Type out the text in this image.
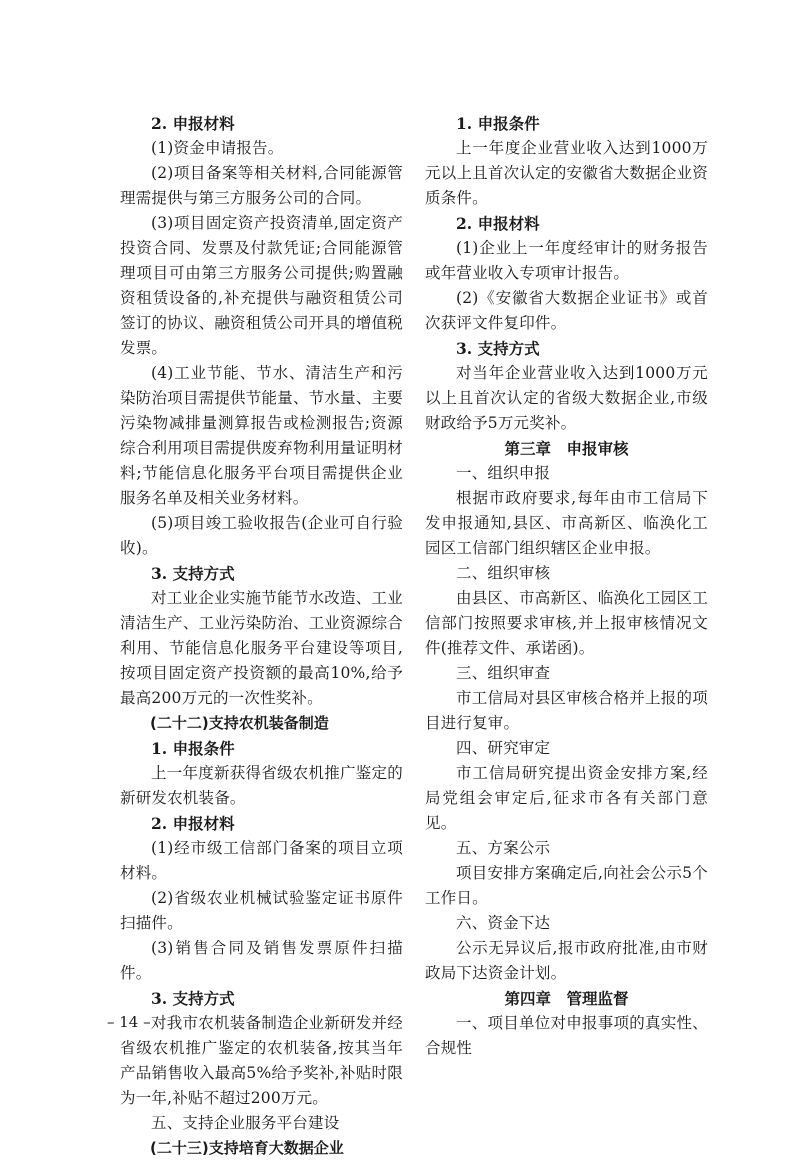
2. 申报材料

(1)资金申请报告。

(2)项目备案等相关材料,合同能源管理需提供与第三方服务公司的合同。

(3)项目固定资产投资清单,固定资产投资合同、发票及付款凭证;合同能源管理项目可由第三方服务公司提供;购置融资租赁设备的,补充提供与融资租赁公司签订的协议、融资租赁公司开具的增值税发票。

(4)工业节能、节水、清洁生产和污染防治项目需提供节能量、节水量、主要污染物减排量测算报告或检测报告;资源综合利用项目需提供废弃物利用量证明材料;节能信息化服务平台项目需提供企业服务名单及相关业务材料。

(5)项目竣工验收报告(企业可自行验收)。

3. 支持方式

对工业企业实施节能节水改造、工业清洁生产、工业污染防治、工业资源综合利用、节能信息化服务平台建设等项目,按项目固定资产投资额的最高10%,给予最高200万元的一次性奖补。

(二十二)支持农机装备制造

1. 申报条件

上一年度新获得省级农机推广鉴定的新研发农机装备。

2. 申报材料

(1)经市级工信部门备案的项目立项材料。

(2)省级农业机械试验鉴定证书原件扫描件。

(3)销售合同及销售发票原件扫描件。

3. 支持方式

对我市农机装备制造企业新研发并经省级农机推广鉴定的农机装备,按其当年产品销售收入最高5%给予奖补,补贴时限为一年,补贴不超过200万元。

五、支持企业服务平台建设

(二十三)支持培育大数据企业

1. 申报条件

上一年度企业营业收入达到1000万元以上且首次认定的安徽省大数据企业资质条件。

2. 申报材料

(1)企业上一年度经审计的财务报告或年营业收入专项审计报告。

(2)《安徽省大数据企业证书》或首次获评文件复印件。

3. 支持方式

对当年企业营业收入达到1000万元以上且首次认定的省级大数据企业,市级财政给予5万元奖补。

第三章　申报审核

一、组织申报

根据市政府要求,每年由市工信局下发申报通知,县区、市高新区、临涣化工园区工信部门组织辖区企业申报。

二、组织审核

由县区、市高新区、临涣化工园区工信部门按照要求审核,并上报审核情况文件(推荐文件、承诺函)。

三、组织审查

市工信局对县区审核合格并上报的项目进行复审。

四、研究审定

市工信局研究提出资金安排方案,经局党组会审定后,征求市各有关部门意见。

五、方案公示

项目安排方案确定后,向社会公示5个工作日。

六、资金下达

公示无异议后,报市政府批准,由市财政局下达资金计划。

第四章　管理监督

一、项目单位对申报事项的真实性、合规性

– 14 –
